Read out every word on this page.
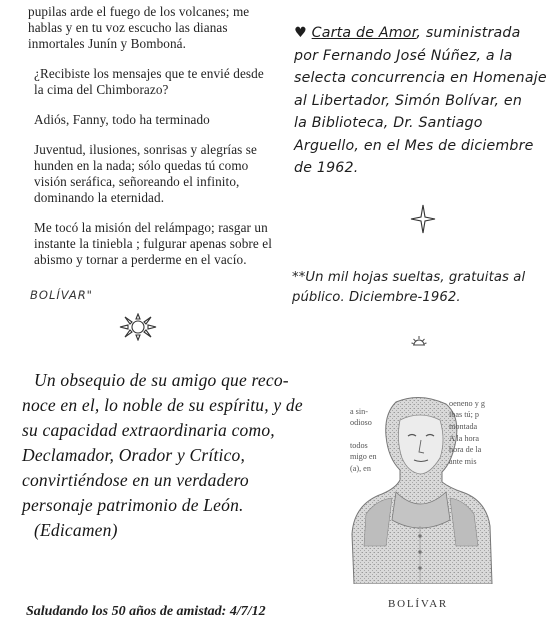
pupilas arde el fuego de los volcanes; me
hablas y en tu voz escucho las dianas
inmortales Junín y Bomboná.

¿Recibiste los mensajes que te envié desde
la cima del Chimborazo?

Adiós, Fanny, todo ha terminado

Juventud, ilusiones, sonrisas y alegrías se
hunden en la nada; sólo quedas tú como
visión seráfica, señoreando el infinito,
dominando la eternidad.

Me tocó la misión del relámpago; rasgar un
instante la tiniebla ; fulgurar apenas sobre el
abismo y tornar a perderme en el vacío.

BOLÍVAR"
Un obsequio de su amigo que reco-
noce en el, lo noble de su espíritu, y de
su capacidad extraordinaria como,
Declamador, Orador y Crítico,
convirtiéndose en un verdadero
personaje patrimonio de León.
(Edicamen)
Saludando los 50 años de amistad: 4/7/12
♥ Carta de Amor, suministrada
por Fernando José Núñez, a la
selecta concurrencia en Homenaje
al Libertador, Simón Bolívar, en
la Biblioteca, Dr. Santiago
Arguello, en el Mes de diciembre
de 1962.
**Un mil hojas sueltas, gratuitas al
público. Diciembre-1962.
a sin-
odioso
todos
migo en
(a), en
oeneno y g
ibas tú; p
montada
A la hora
hora de la
ante mis
BOLÍVAR
